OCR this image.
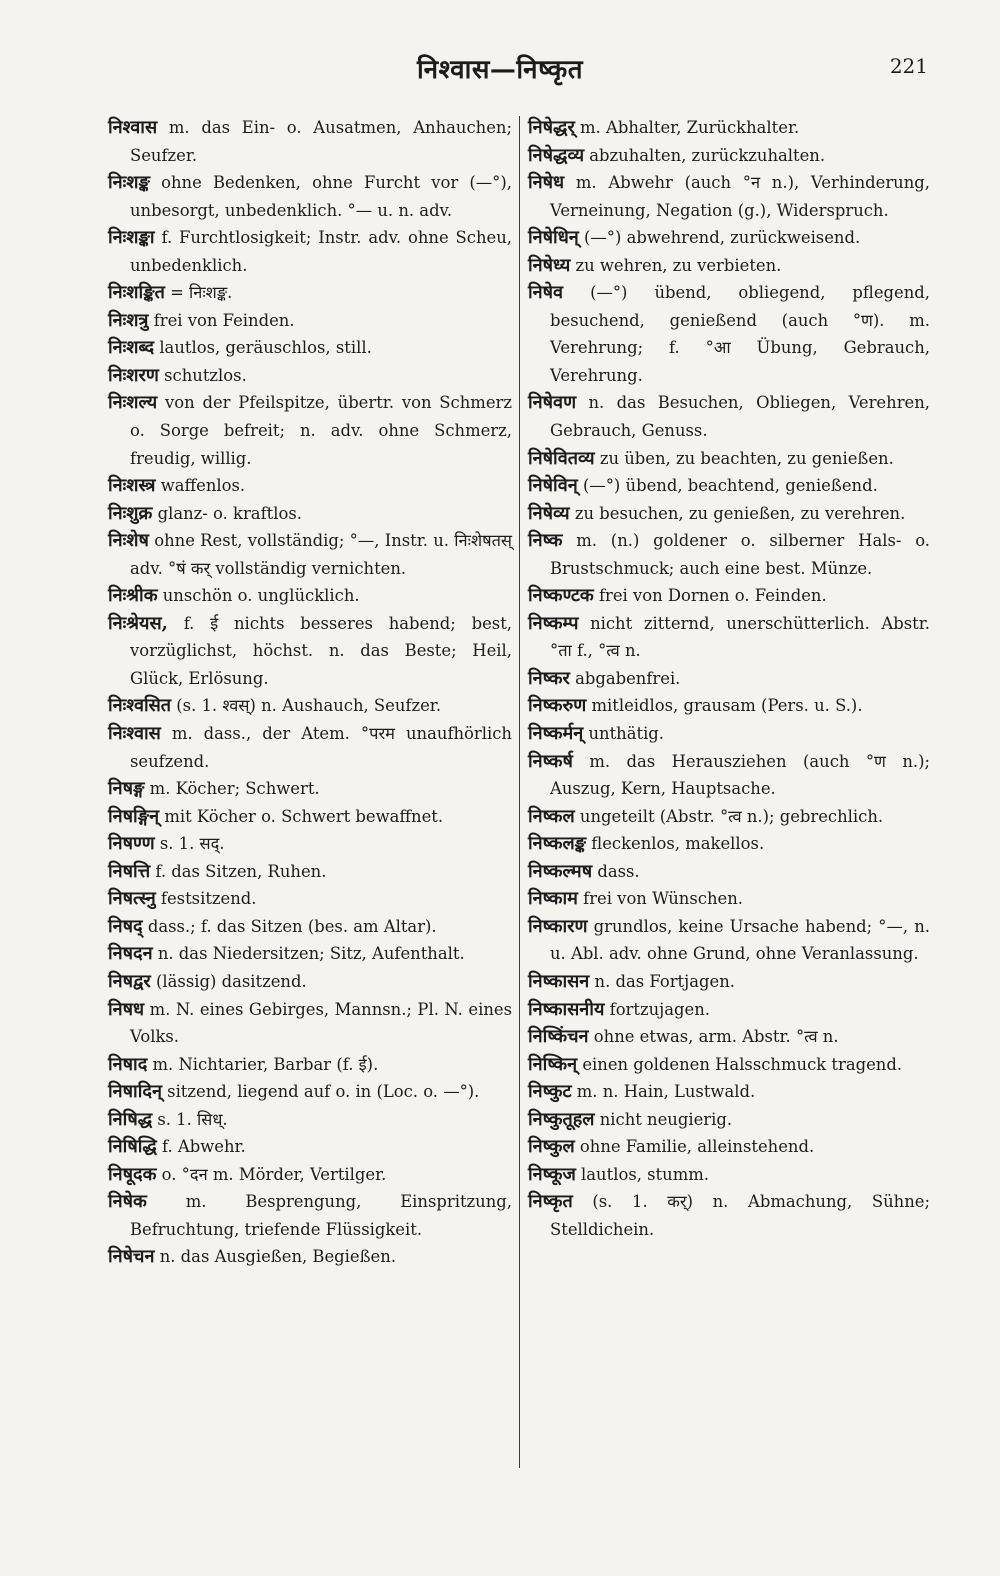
निश्वास—निष्कृत	221
निश्वास m. das Ein- o. Ausatmen, Anhauchen; Seufzer.
निःशङ्क ohne Bedenken, ohne Furcht vor (—°), unbesorgt, unbedenklich. °— u. n. adv.
निःशङ्का f. Furchtlosigkeit; Instr. adv. ohne Scheu, unbedenklich.
निःशङ्कित = निःशङ्क.
निःशत्रु frei von Feinden.
निःशब्द lautlos, geräuschlos, still.
निःशरण schutzlos.
निःशल्य von der Pfeilspitze, übertr. von Schmerz o. Sorge befreit; n. adv. ohne Schmerz, freudig, willig.
निःशस्त्र waffenlos.
निःशुक्र glanz- o. kraftlos.
निःशेष ohne Rest, vollständig; °—, Instr. u. निःशेषतस् adv. °षं कर् vollständig vernichten.
निःश्रीक unschön o. unglücklich.
निःश्रेयस, f. ई nichts besseres habend; best, vorzüglichst, höchst. n. das Beste; Heil, Glück, Erlösung.
निःश्वसित (s. 1. श्वस्) n. Aushauch, Seufzer.
निःश्वास m. dass., der Atem. °परम unaufhörlich seufzend.
निषङ्ग m. Köcher; Schwert.
निषङ्गिन् mit Köcher o. Schwert bewaffnet.
निषण्ण s. 1. सद्.
निषत्ति f. das Sitzen, Ruhen.
निषत्स्नु festsitzend.
निषद् dass.; f. das Sitzen (bes. am Altar).
निषदन n. das Niedersitzen; Sitz, Aufenthalt.
निषद्वर (lässig) dasitzend.
निषध m. N. eines Gebirges, Mannsn.; Pl. N. eines Volks.
निषाद m. Nichtarier, Barbar (f. ई).
निषादिन् sitzend, liegend auf o. in (Loc. o. —°).
निषिद्ध s. 1. सिध्.
निषिद्धि f. Abwehr.
निषूदक o. °दन m. Mörder, Vertilger.
निषेक m. Besprengung, Einspritzung, Befruchtung, triefende Flüssigkeit.
निषेचन n. das Ausgießen, Begießen.
निषेद्धर् m. Abhalter, Zurückhalter.
निषेद्धव्य abzuhalten, zurückzuhalten.
निषेध m. Abwehr (auch °न n.), Verhinderung, Verneinung, Negation (g.), Widerspruch.
निषेधिन् (—°) abwehrend, zurückweisend.
निषेध्य zu wehren, zu verbieten.
निषेव (—°) übend, obliegend, pflegend, besuchend, genießend (auch °ण). m. Verehrung; f. °आ Übung, Gebrauch, Verehrung.
निषेवण n. das Besuchen, Obliegen, Verehren, Gebrauch, Genuss.
निषेवितव्य zu üben, zu beachten, zu genießen.
निषेविन् (—°) übend, beachtend, genießend.
निषेव्य zu besuchen, zu genießen, zu verehren.
निष्क m. (n.) goldener o. silberner Hals- o. Brustschmuck; auch eine best. Münze.
निष्कण्टक frei von Dornen o. Feinden.
निष्कम्प nicht zitternd, unerschütterlich. Abstr. °ता f., °त्व n.
निष्कर abgabenfrei.
निष्करुण mitleidlos, grausam (Pers. u. S.).
निष्कर्मन् unthätig.
निष्कर्ष m. das Herausziehen (auch °ण n.); Auszug, Kern, Hauptsache.
निष्कल ungeteilt (Abstr. °त्व n.); gebrechlich.
निष्कलङ्क fleckenlos, makellos.
निष्कल्मष dass.
निष्काम frei von Wünschen.
निष्कारण grundlos, keine Ursache habend; °—, n. u. Abl. adv. ohne Grund, ohne Veranlassung.
निष्कासन n. das Fortjagen.
निष्कासनीय fortzujagen.
निष्किंचन ohne etwas, arm. Abstr. °त्व n.
निष्किन् einen goldenen Halsschmuck tragend.
निष्कुट m. n. Hain, Lustwald.
निष्कुतूहल nicht neugierig.
निष्कुल ohne Familie, alleinstehend.
निष्कूज lautlos, stumm.
निष्कृत (s. 1. कर्) n. Abmachung, Sühne; Stelldichein.
